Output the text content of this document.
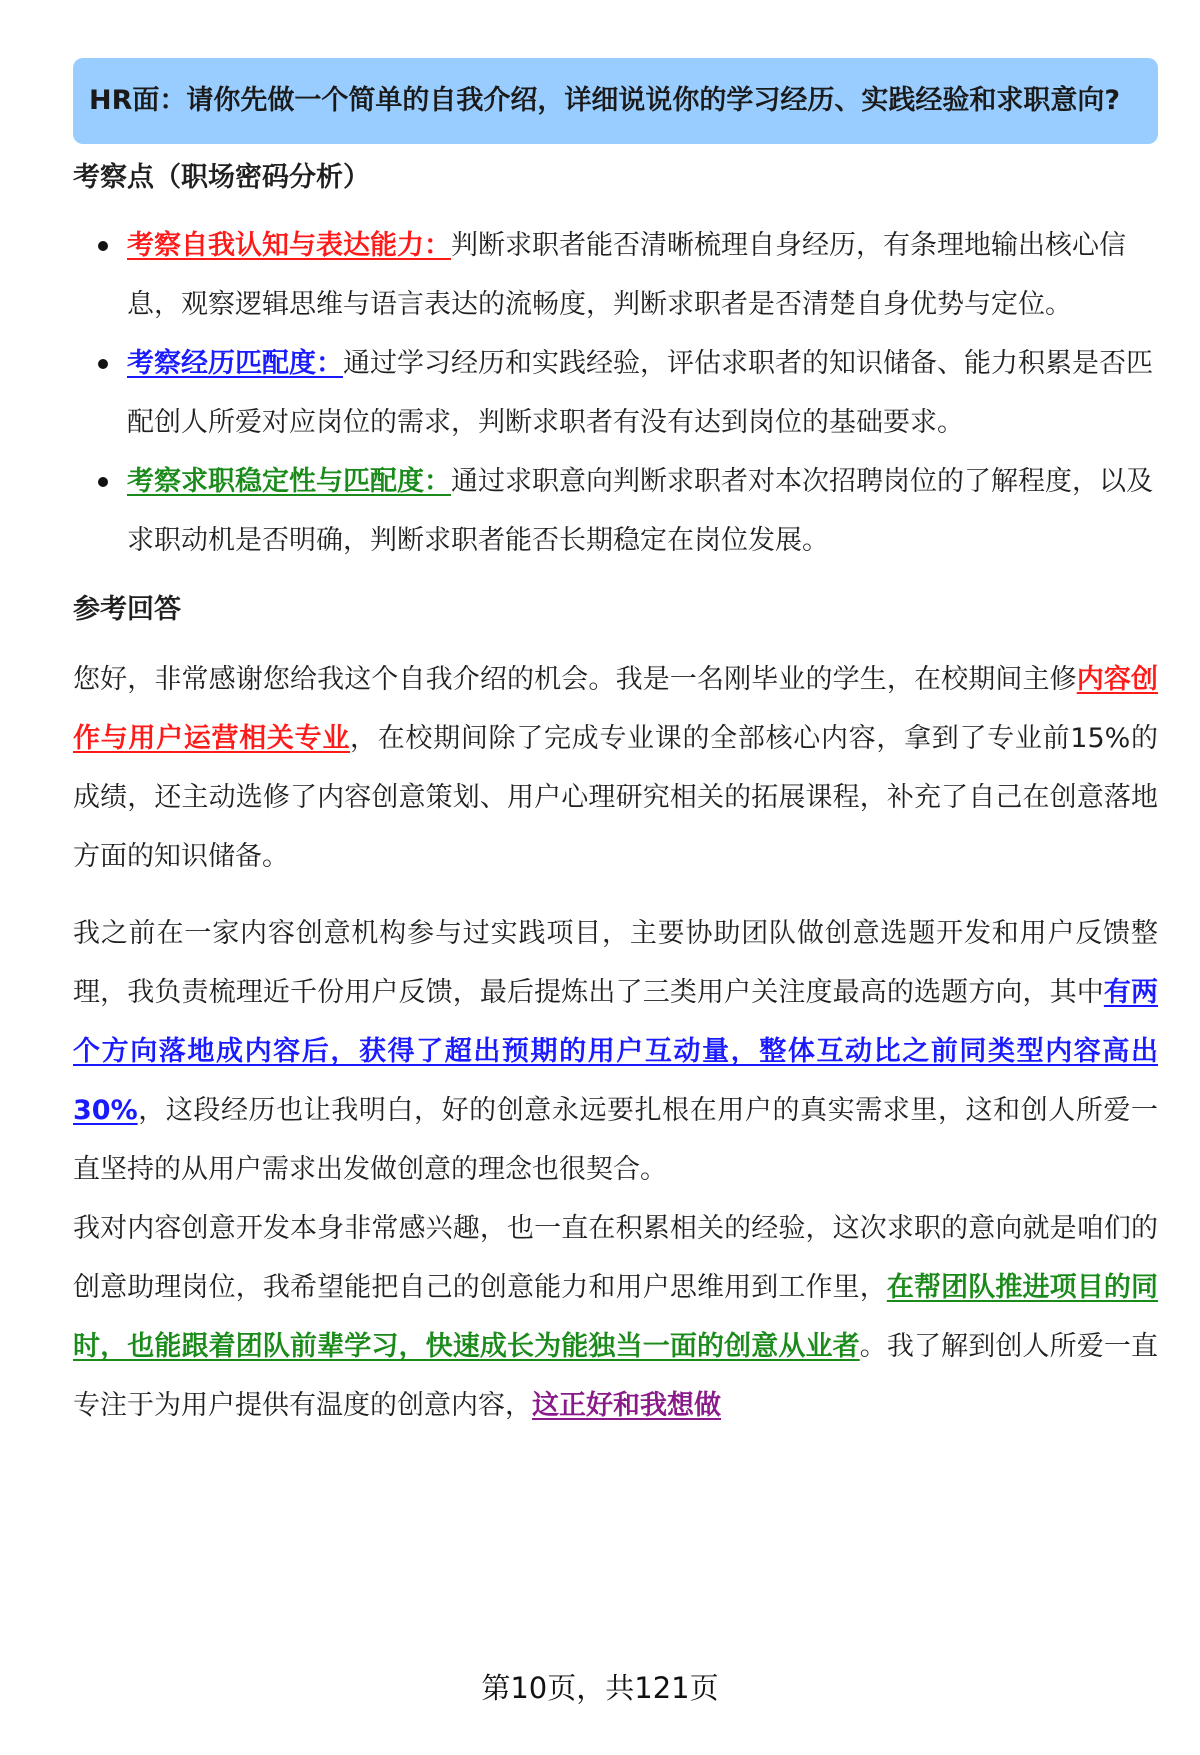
HR面：请你先做一个简单的自我介绍，详细说说你的学习经历、实践经验和求职意向?
考察点（职场密码分析）
考察自我认知与表达能力：判断求职者能否清晰梳理自身经历，有条理地输出核心信息，观察逻辑思维与语言表达的流畅度，判断求职者是否清楚自身优势与定位。
考察经历匹配度：通过学习经历和实践经验，评估求职者的知识储备、能力积累是否匹配创人所爱对应岗位的需求，判断求职者有没有达到岗位的基础要求。
考察求职稳定性与匹配度：通过求职意向判断求职者对本次招聘岗位的了解程度，以及求职动机是否明确，判断求职者能否长期稳定在岗位发展。
参考回答

您好，非常感谢您给我这个自我介绍的机会。我是一名刚毕业的学生，在校期间主修内容创作与用户运营相关专业，在校期间除了完成专业课的全部核心内容，拿到了专业前15%的成绩，还主动选修了内容创意策划、用户心理研究相关的拓展课程，补充了自己在创意落地方面的知识储备。

我之前在一家内容创意机构参与过实践项目，主要协助团队做创意选题开发和用户反馈整理，我负责梳理近千份用户反馈，最后提炼出了三类用户关注度最高的选题方向，其中有两个方向落地成内容后，获得了超出预期的用户互动量，整体互动比之前同类型内容高出30%，这段经历也让我明白，好的创意永远要扎根在用户的真实需求里，这和创人所爱一直坚持的从用户需求出发做创意的理念也很契合。

我对内容创意开发本身非常感兴趣，也一直在积累相关的经验，这次求职的意向就是咱们的创意助理岗位，我希望能把自己的创意能力和用户思维用到工作里，在帮团队推进项目的同时，也能跟着团队前辈学习，快速成长为能独当一面的创意从业者。我了解到创人所爱一直专注于为用户提供有温度的创意内容，这正好和我想做

第10页，共121页
